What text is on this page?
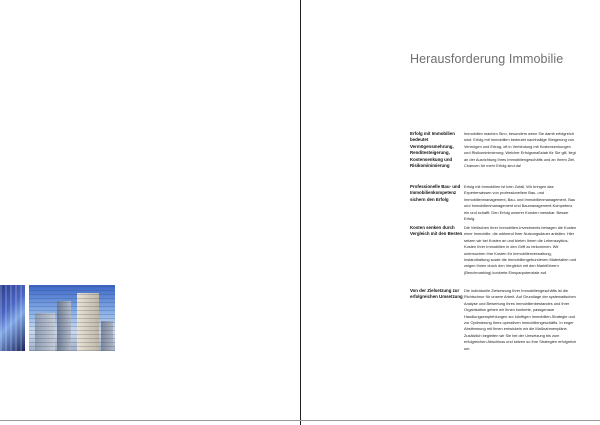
Herausforderung Immobilie
Erfolg mit Immobilien bedeutet Vermögensmehrung, Renditesteigerung, Kostensenkung und Risikominimierung
Immobilien machen Sinn, besonders wenn Sie damit erfolgreich sind. Erfolg mit Immobilien bedeutet nachhaltige Steigerung von Vermögen und Ertrag, oft in Verbindung mit Kostensenkungen und Risikominimierung. Welcher Erfolgsmaßstab für Sie gilt, liegt an der Ausrichtung Ihres Immobiliengeschäfts und an Ihrem Ziel. Chancen für mehr Erfolg sind da!
Professionelle Bau- und Immobilienkompetenz sichern den Erfolg
Erfolg mit Immobilien ist kein Zufall. Wir bringen das Expertenwissen von professionellem Bau- und Immobilienmanagement, Bau- und Immobilienmanagement, Bau und Immobilienmanagement und Baumanagement-Kompetenz ein und schafft. Den Erfolg unserer Kunden messbar. Besser Erfolg.
Kosten senken durch Vergleich mit den Besten
Die Vielfachen Ihrer Immobilien-Investments betragen die Kosten einer Immobilie, die während ihrer Nutzungsdauer anfallen. Hier setzen wir bei Kosten an und bieten Ihnen die Lebenszyklus-Kosten Ihrer Immobilien in den Griff zu bekommen. Wir untersuchen Ihre Kosten für Immobilienverwaltung, Instandhaltung sowie die Immobiliengebundenen Materialien und zeigen Ihnen durch den Vergleich mit den Marktführern (Benchmarking) konkrete Einsparpotenziale auf.
Von der Zielsetzung zur erfolgreichen Umsetzung
Die individuelle Zielsetzung Ihrer Immobiliengeschäfts ist die Richtschnur für unsere Arbeit. Auf Grundlage der systematischen Analyse und Bewertung Ihres Immobilienbestandes und Ihrer Organisation geben wir Ihnen konkrete, passgenaue Handlungsempfehlungen zur künftigen Immobilien-Strategie und zur Optimierung Ihres operativen Immobiliengeschäfts. In enger Abstimmung mit Ihnen entwickeln wir die Maßnahmenpläne. Zusätzlich begleiten wir Sie bei der Umsetzung bis zum erfolgreichen Abschluss und setzen so Ihre Strategien erfolgreich um.
